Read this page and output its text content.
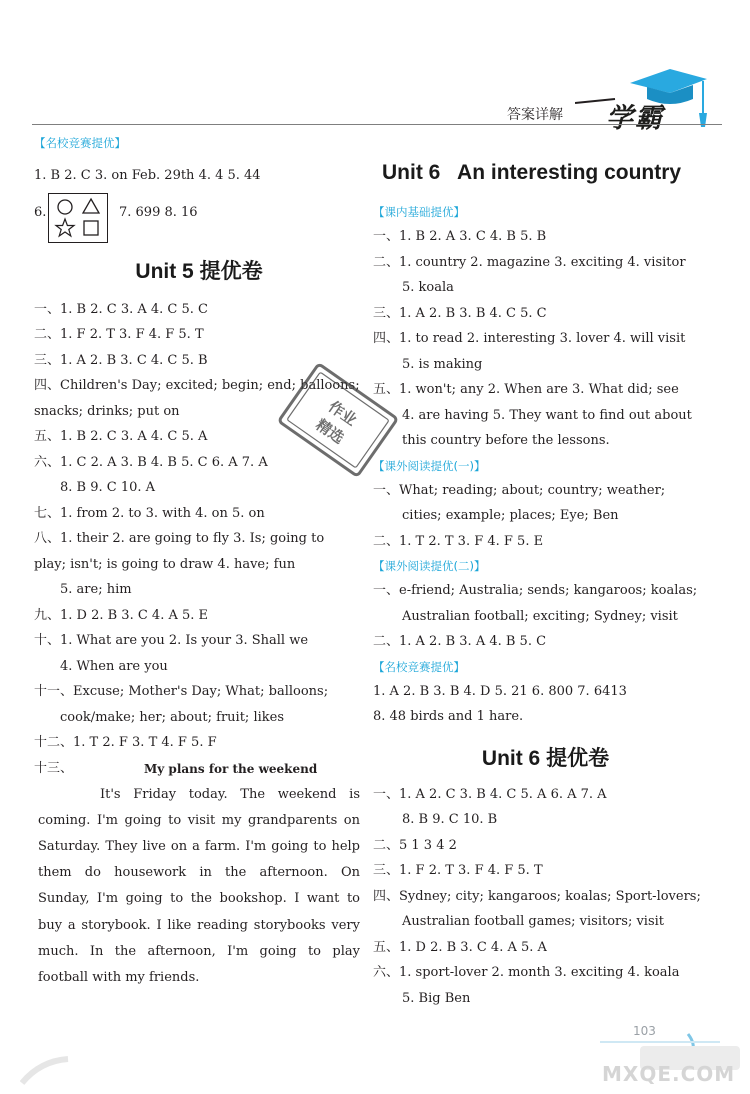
答案详解 学霸

【名校竞赛提优】

1. B 2. C 3. on Feb. 29th 4. 4 5. 44

6.	7. 699 8. 16

Unit 5 提优卷

一、1. B 2. C 3. A 4. C 5. C

二、1. F 2. T 3. F 4. F 5. T

三、1. A 2. B 3. C 4. C 5. B

四、Children's Day; excited; begin; end; balloons;

snacks; drinks; put on

五、1. B 2. C 3. A 4. C 5. A

六、1. C 2. A 3. B 4. B 5. C 6. A 7. A

8. B 9. C 10. A

七、1. from 2. to 3. with 4. on 5. on

八、1. their 2. are going to fly 3. Is; going to

play; isn't; is going to draw 4. have; fun

5. are; him

九、1. D 2. B 3. C 4. A 5. E

十、1. What are you 2. Is your 3. Shall we

4. When are you

十一、Excuse; Mother's Day; What; balloons;

cook/make; her; about; fruit; likes

十二、1. T 2. F 3. T 4. F 5. F

十三、	My plans for the weekend

It's Friday today. The weekend is coming. I'm going to visit my grandparents on Saturday. They live on a farm. I'm going to help them do housework in the afternoon. On Sunday, I'm going to the bookshop. I want to buy a storybook. I like reading storybooks very much. In the afternoon, I'm going to play football with my friends.

Unit 6   An interesting country

【课内基础提优】

一、1. B 2. A 3. C 4. B 5. B

二、1. country 2. magazine 3. exciting 4. visitor

5. koala

三、1. A 2. B 3. B 4. C 5. C

四、1. to read 2. interesting 3. lover 4. will visit

5. is making

五、1. won't; any 2. When are 3. What did; see

4. are having 5. They want to find out about

this country before the lessons.

【课外阅读提优(一)】

一、What; reading; about; country; weather;

cities; example; places; Eye; Ben

二、1. T 2. T 3. F 4. F 5. E

【课外阅读提优(二)】

一、e-friend; Australia; sends; kangaroos; koalas;

Australian football; exciting; Sydney; visit

二、1. A 2. B 3. A 4. B 5. C

【名校竞赛提优】

1. A 2. B 3. B 4. D 5. 21 6. 800 7. 6413

8. 48 birds and 1 hare.

Unit 6 提优卷

一、1. A 2. C 3. B 4. C 5. A 6. A 7. A

8. B 9. C 10. B

二、5 1 3 4 2

三、1. F 2. T 3. F 4. F 5. T

四、Sydney; city; kangaroos; koalas; Sport-lovers;

Australian football games; visitors; visit

五、1. D 2. B 3. C 4. A 5. A

六、1. sport-lover 2. month 3. exciting 4. koala

5. Big Ben

作业
精选
103
MXQE.COM
